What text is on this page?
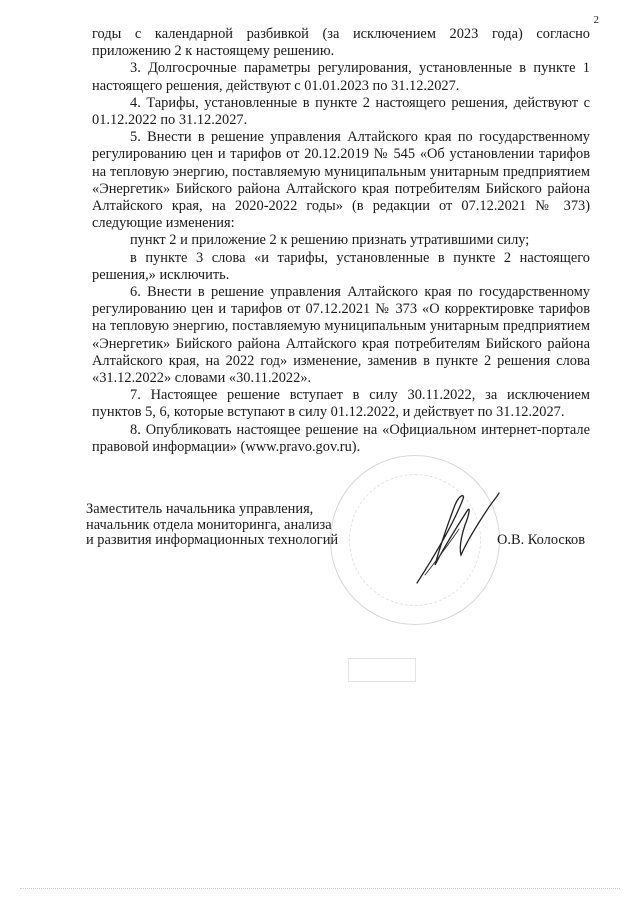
2

годы с календарной разбивкой (за исключением 2023 года) согласно приложению 2 к настоящему решению.

3. Долгосрочные параметры регулирования, установленные в пункте 1 настоящего решения, действуют с 01.01.2023 по 31.12.2027.

4. Тарифы, установленные в пункте 2 настоящего решения, действуют с 01.12.2022 по 31.12.2027.

5. Внести в решение управления Алтайского края по государственному регулированию цен и тарифов от 20.12.2019 № 545 «Об установлении тарифов на тепловую энергию, поставляемую муниципальным унитарным предприятием «Энергетик» Бийского района Алтайского края потребителям Бийского района Алтайского края, на 2020-2022 годы» (в редакции от 07.12.2021 № 373) следующие изменения:

пункт 2 и приложение 2 к решению признать утратившими силу;

в пункте 3 слова «и тарифы, установленные в пункте 2 настоящего решения,» исключить.

6. Внести в решение управления Алтайского края по государственному регулированию цен и тарифов от 07.12.2021 № 373 «О корректировке тарифов на тепловую энергию, поставляемую муниципальным унитарным предприятием «Энергетик» Бийского района Алтайского края потребителям Бийского района Алтайского края, на 2022 год» изменение, заменив в пункте 2 решения слова «31.12.2022» словами «30.11.2022».

7. Настоящее решение вступает в силу 30.11.2022, за исключением пунктов 5, 6, которые вступают в силу 01.12.2022, и действует по 31.12.2027.

8. Опубликовать настоящее решение на «Официальном интернет-портале правовой информации» (www.pravo.gov.ru).

Заместитель начальника управления,
начальник отдела мониторинга, анализа
и развития информационных технологий	О.В. Колосков
